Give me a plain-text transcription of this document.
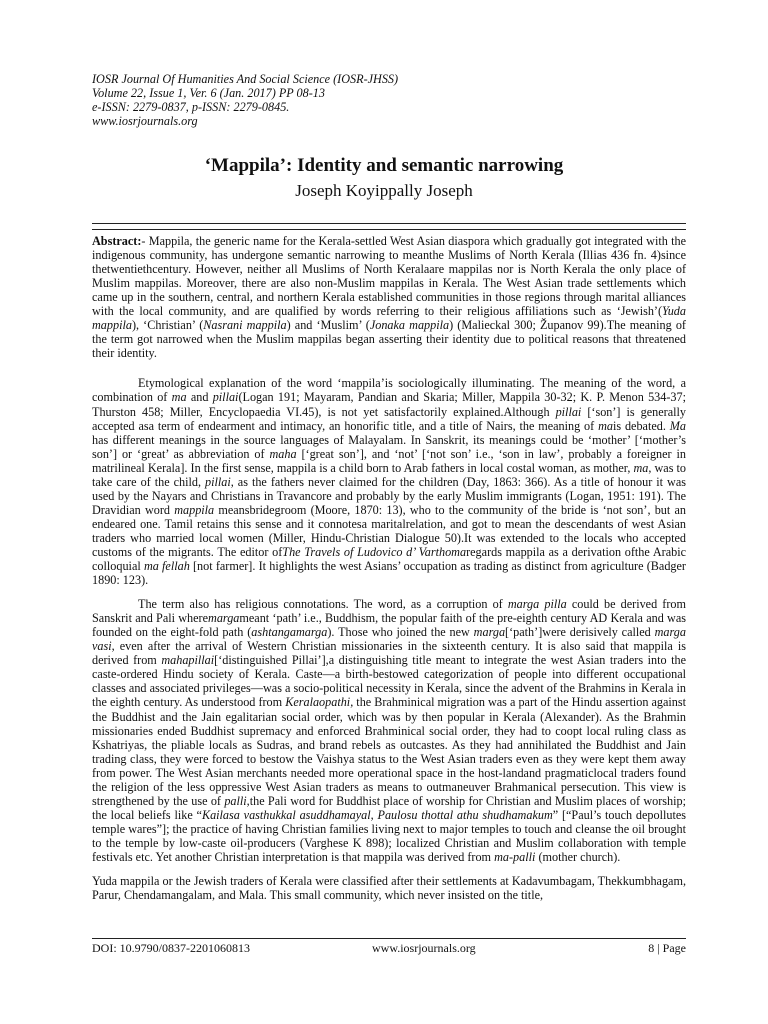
IOSR Journal Of Humanities And Social Science (IOSR-JHSS)
Volume 22, Issue 1, Ver. 6 (Jan. 2017) PP 08-13
e-ISSN: 2279-0837, p-ISSN: 2279-0845.
www.iosrjournals.org
‘Mappila’: Identity and semantic narrowing
Joseph Koyippally Joseph

Abstract:- Mappila, the generic name for the Kerala-settled West Asian diaspora which gradually got integrated with the indigenous community, has undergone semantic narrowing to meanthe Muslims of North Kerala (Illias 436 fn. 4)since thetwentiethcentury. However, neither all Muslims of North Keralaare mappilas nor is North Kerala the only place of Muslim mappilas. Moreover, there are also non-Muslim mappilas in Kerala. The West Asian trade settlements which came up in the southern, central, and northern Kerala established communities in those regions through marital alliances with the local community, and are qualified by words referring to their religious affiliations such as ‘Jewish’(Yuda mappila), ‘Christian’ (Nasrani mappila) and ‘Muslim’ (Jonaka mappila) (Malieckal 300; Županov 99).The meaning of the term got narrowed when the Muslim mappilas began asserting their identity due to political reasons that threatened their identity.

Etymological explanation of the word ‘mappila’is sociologically illuminating. The meaning of the word, a combination of ma and pillai(Logan 191; Mayaram, Pandian and Skaria; Miller, Mappila 30-32; K. P. Menon 534-37; Thurston 458; Miller, Encyclopaedia VI.45), is not yet satisfactorily explained.Although pillai [‘son’] is generally accepted asa term of endearment and intimacy, an honorific title, and a title of Nairs, the meaning of mais debated. Ma has different meanings in the source languages of Malayalam. In Sanskrit, its meanings could be ‘mother’ [‘mother’s son’] or ‘great’ as abbreviation of maha [‘great son’], and ‘not’ [‘not son’ i.e., ‘son in law’, probably a foreigner in matrilineal Kerala]. In the first sense, mappila is a child born to Arab fathers in local costal woman, as mother, ma, was to take care of the child, pillai, as the fathers never claimed for the children (Day, 1863: 366). As a title of honour it was used by the Nayars and Christians in Travancore and probably by the early Muslim immigrants (Logan, 1951: 191). The Dravidian word mappila meansbridegroom (Moore, 1870: 13), who to the community of the bride is ‘not son’, but an endeared one. Tamil retains this sense and it connotesa maritalrelation, and got to mean the descendants of west Asian traders who married local women (Miller, Hindu-Christian Dialogue 50).It was extended to the locals who accepted customs of the migrants. The editor ofThe Travels of Ludovico d’ Varthomaregards mappila as a derivation ofthe Arabic colloquial ma fellah [not farmer]. It highlights the west Asians’ occupation as trading as distinct from agriculture (Badger 1890: 123).

The term also has religious connotations. The word, as a corruption of marga pilla could be derived from Sanskrit and Pali wheremargameant ‘path’ i.e., Buddhism, the popular faith of the pre-eighth century AD Kerala and was founded on the eight-fold path (ashtangamarga). Those who joined the new marga[‘path’]were derisively called marga vasi, even after the arrival of Western Christian missionaries in the sixteenth century. It is also said that mappila is derived from mahapillai[‘distinguished Pillai’],a distinguishing title meant to integrate the west Asian traders into the caste-ordered Hindu society of Kerala. Caste—a birth-bestowed categorization of people into different occupational classes and associated privileges—was a socio-political necessity in Kerala, since the advent of the Brahmins in Kerala in the eighth century. As understood from Keralaopathi, the Brahminical migration was a part of the Hindu assertion against the Buddhist and the Jain egalitarian social order, which was by then popular in Kerala (Alexander). As the Brahmin missionaries ended Buddhist supremacy and enforced Brahminical social order, they had to coopt local ruling class as Kshatriyas, the pliable locals as Sudras, and brand rebels as outcastes. As they had annihilated the Buddhist and Jain trading class, they were forced to bestow the Vaishya status to the West Asian traders even as they were kept them away from power. The West Asian merchants needed more operational space in the host-landand pragmaticlocal traders found the religion of the less oppressive West Asian traders as means to outmaneuver Brahmanical persecution. This view is strengthened by the use of palli,the Pali word for Buddhist place of worship for Christian and Muslim places of worship; the local beliefs like “Kailasa vasthukkal asuddhamayal, Paulosu thottal athu shudhamakum” [“Paul’s touch depollutes temple wares”]; the practice of having Christian families living next to major temples to touch and cleanse the oil brought to the temple by low-caste oil-producers (Varghese K 898); localized Christian and Muslim collaboration with temple festivals etc. Yet another Christian interpretation is that mappila was derived from ma-palli (mother church).

Yuda mappila or the Jewish traders of Kerala were classified after their settlements at Kadavumbagam, Thekkumbhagam, Parur, Chendamangalam, and Mala. This small community, which never insisted on the title,

DOI: 10.9790/0837-2201060813	www.iosrjournals.org	8 | Page
